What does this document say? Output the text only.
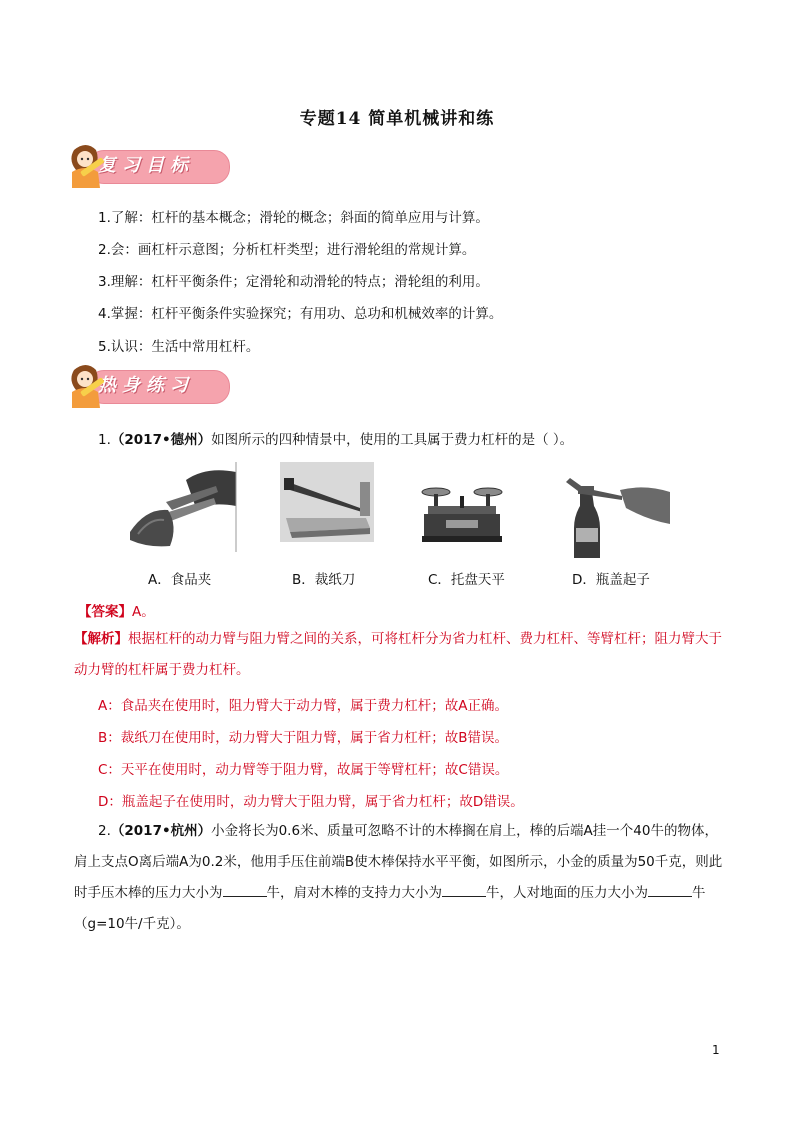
专题14 简单机械讲和练
复习目标
1.了解：杠杆的基本概念；滑轮的概念；斜面的简单应用与计算。
2.会：画杠杆示意图；分析杠杆类型；进行滑轮组的常规计算。
3.理解：杠杆平衡条件；定滑轮和动滑轮的特点；滑轮组的利用。
4.掌握：杠杆平衡条件实验探究；有用功、总功和机械效率的计算。
5.认识：生活中常用杠杆。
热身练习
1.（2017•德州）如图所示的四种情景中，使用的工具属于费力杠杆的是（ ）。
A．食品夹	B．裁纸刀	C．托盘天平	D．瓶盖起子
【答案】A。
【解析】根据杠杆的动力臂与阻力臂之间的关系，可将杠杆分为省力杠杆、费力杠杆、等臂杠杆；阻力臂大于动力臂的杠杆属于费力杠杆。
A：食品夹在使用时，阻力臂大于动力臂，属于费力杠杆；故A正确。
B：裁纸刀在使用时，动力臂大于阻力臂，属于省力杠杆；故B错误。
C：天平在使用时，动力臂等于阻力臂，故属于等臂杠杆；故C错误。
D：瓶盖起子在使用时，动力臂大于阻力臂，属于省力杠杆；故D错误。
2.（2017•杭州）小金将长为0.6米、质量可忽略不计的木棒搁在肩上，棒的后端A挂一个40牛的物体，肩上支点O离后端A为0.2米，他用手压住前端B使木棒保持水平平衡，如图所示，小金的质量为50千克，则此时手压木棒的压力大小为	牛，肩对木棒的支持力大小为	牛，人对地面的压力大小为	牛（g=10牛/千克）。
1
